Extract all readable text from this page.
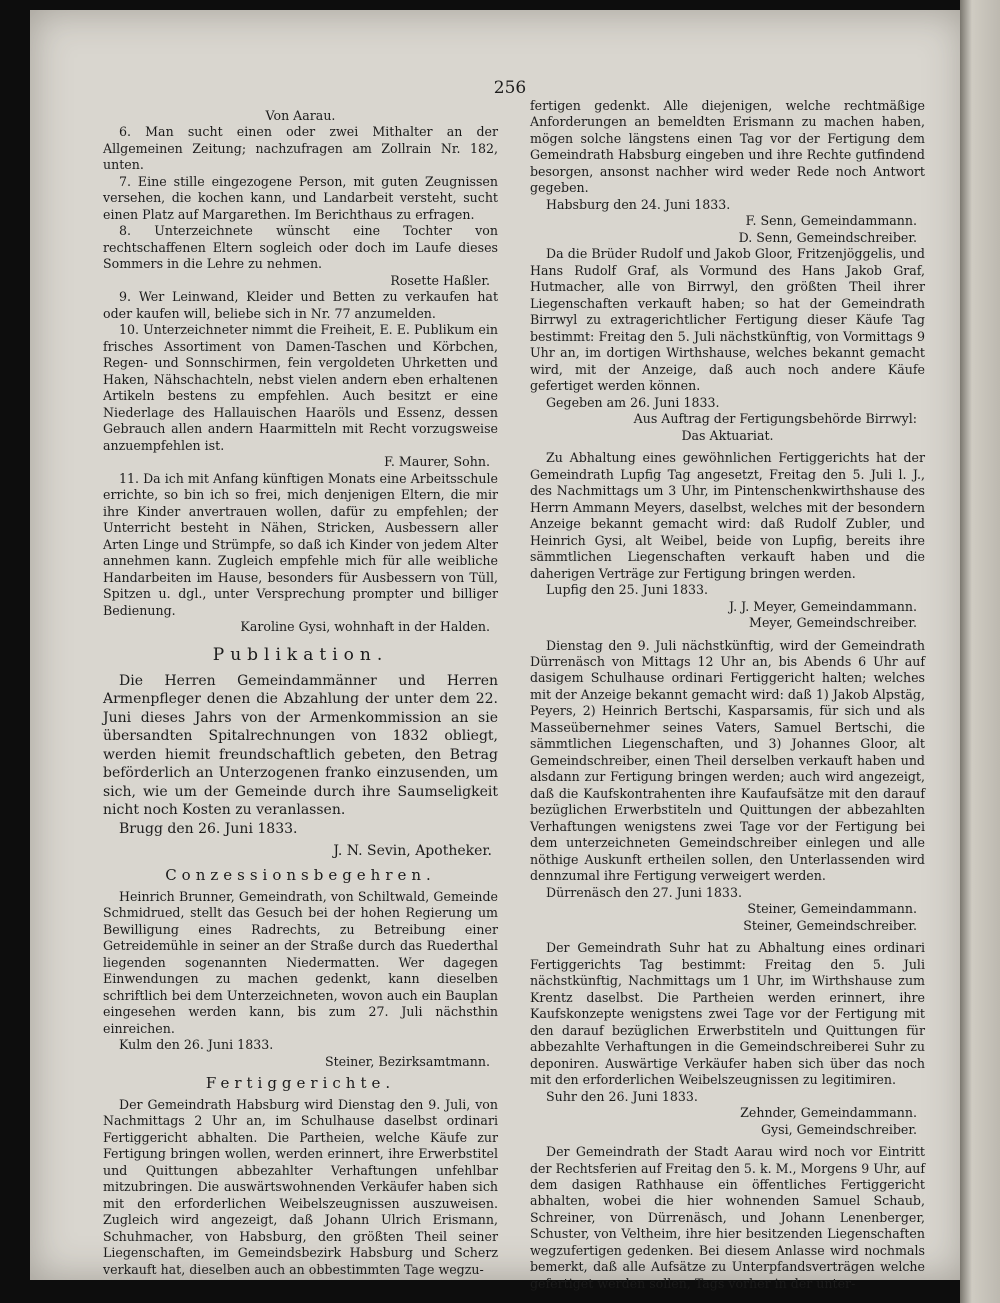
256
Von Aarau.

6. Man sucht einen oder zwei Mithalter an der Allgemeinen Zeitung; nachzufragen am Zollrain Nr. 182, unten.

7. Eine stille eingezogene Person, mit guten Zeugnissen versehen, die kochen kann, und Landarbeit versteht, sucht einen Platz auf Margarethen. Im Berichthaus zu erfragen.

8. Unterzeichnete wünscht eine Tochter von rechtschaffenen Eltern sogleich oder doch im Laufe dieses Sommers in die Lehre zu nehmen.

Rosette Haßler.

9. Wer Leinwand, Kleider und Betten zu verkaufen hat oder kaufen will, beliebe sich in Nr. 77 anzumelden.

10. Unterzeichneter nimmt die Freiheit, E. E. Publikum ein frisches Assortiment von Damen-Taschen und Körbchen, Regen- und Sonnschirmen, fein vergoldeten Uhrketten und Haken, Nähschachteln, nebst vielen andern eben erhaltenen Artikeln bestens zu empfehlen. Auch besitzt er eine Niederlage des Hallauischen Haaröls und Essenz, dessen Gebrauch allen andern Haarmitteln mit Recht vorzugsweise anzuempfehlen ist.

F. Maurer, Sohn.

11. Da ich mit Anfang künftigen Monats eine Arbeitsschule errichte, so bin ich so frei, mich denjenigen Eltern, die mir ihre Kinder anvertrauen wollen, dafür zu empfehlen; der Unterricht besteht in Nähen, Stricken, Ausbessern aller Arten Linge und Strümpfe, so daß ich Kinder von jedem Alter annehmen kann. Zugleich empfehle mich für alle weibliche Handarbeiten im Hause, besonders für Ausbessern von Tüll, Spitzen u. dgl., unter Versprechung prompter und billiger Bedienung.

Karoline Gysi, wohnhaft in der Halden.
Publikation.

Die Herren Gemeindammänner und Herren Armenpfleger denen die Abzahlung der unter dem 22. Juni dieses Jahrs von der Armenkommission an sie übersandten Spitalrechnungen von 1832 obliegt, werden hiemit freundschaftlich gebeten, den Betrag beförderlich an Unterzogenen franko einzusenden, um sich, wie um der Gemeinde durch ihre Saumseligkeit nicht noch Kosten zu veranlassen.

Brugg den 26. Juni 1833.

J. N. Sevin, Apotheker.
Conzessionsbegehren.

Heinrich Brunner, Gemeindrath, von Schiltwald, Gemeinde Schmidrued, stellt das Gesuch bei der hohen Regierung um Bewilligung eines Radrechts, zu Betreibung einer Getreidemühle in seiner an der Straße durch das Ruederthal liegenden sogenannten Niedermatten. Wer dagegen Einwendungen zu machen gedenkt, kann dieselben schriftlich bei dem Unterzeichneten, wovon auch ein Bauplan eingesehen werden kann, bis zum 27. Juli nächsthin einreichen.

Kulm den 26. Juni 1833.

Steiner, Bezirksamtmann.
Fertiggerichte.

Der Gemeindrath Habsburg wird Dienstag den 9. Juli, von Nachmittags 2 Uhr an, im Schulhause daselbst ordinari Fertiggericht abhalten. Die Partheien, welche Käufe zur Fertigung bringen wollen, werden erinnert, ihre Erwerbstitel und Quittungen abbezahlter Verhaftungen unfehlbar mitzubringen. Die auswärtswohnenden Verkäufer haben sich mit den erforderlichen Weibelszeugnissen auszuweisen. Zugleich wird angezeigt, daß Johann Ulrich Erismann, Schuhmacher, von Habsburg, den größten Theil seiner Liegenschaften, im Gemeindsbezirk Habsburg und Scherz verkauft hat, dieselben auch an obbestimmten Tage wegzu-

fertigen gedenkt. Alle diejenigen, welche rechtmäßige Anforderungen an bemeldten Erismann zu machen haben, mögen solche längstens einen Tag vor der Fertigung dem Gemeindrath Habsburg eingeben und ihre Rechte gutfindend besorgen, ansonst nachher wird weder Rede noch Antwort gegeben.

Habsburg den 24. Juni 1833.

F. Senn, Gemeindammann.
D. Senn, Gemeindschreiber.

Da die Brüder Rudolf und Jakob Gloor, Fritzenjöggelis, und Hans Rudolf Graf, als Vormund des Hans Jakob Graf, Hutmacher, alle von Birrwyl, den größten Theil ihrer Liegenschaften verkauft haben; so hat der Gemeindrath Birrwyl zu extragerichtlicher Fertigung dieser Käufe Tag bestimmt: Freitag den 5. Juli nächstkünftig, von Vormittags 9 Uhr an, im dortigen Wirthshause, welches bekannt gemacht wird, mit der Anzeige, daß auch noch andere Käufe gefertiget werden können.

Gegeben am 26. Juni 1833.

Aus Auftrag der Fertigungsbehörde Birrwyl:
Das Aktuariat.

Zu Abhaltung eines gewöhnlichen Fertiggerichts hat der Gemeindrath Lupfig Tag angesetzt, Freitag den 5. Juli l. J., des Nachmittags um 3 Uhr, im Pintenschenkwirthshause des Herrn Ammann Meyers, daselbst, welches mit der besondern Anzeige bekannt gemacht wird: daß Rudolf Zubler, und Heinrich Gysi, alt Weibel, beide von Lupfig, bereits ihre sämmtlichen Liegenschaften verkauft haben und die daherigen Verträge zur Fertigung bringen werden.

Lupfig den 25. Juni 1833.

J. J. Meyer, Gemeindammann.
Meyer, Gemeindschreiber.

Dienstag den 9. Juli nächstkünftig, wird der Gemeindrath Dürrenäsch von Mittags 12 Uhr an, bis Abends 6 Uhr auf dasigem Schulhause ordinari Fertiggericht halten; welches mit der Anzeige bekannt gemacht wird: daß 1) Jakob Alpstäg, Peyers, 2) Heinrich Bertschi, Kasparsamis, für sich und als Masseübernehmer seines Vaters, Samuel Bertschi, die sämmtlichen Liegenschaften, und 3) Johannes Gloor, alt Gemeindschreiber, einen Theil derselben verkauft haben und alsdann zur Fertigung bringen werden; auch wird angezeigt, daß die Kaufskontrahenten ihre Kaufaufsätze mit den darauf bezüglichen Erwerbstiteln und Quittungen der abbezahlten Verhaftungen wenigstens zwei Tage vor der Fertigung bei dem unterzeichneten Gemeindschreiber einlegen und alle nöthige Auskunft ertheilen sollen, den Unterlassenden wird dennzumal ihre Fertigung verweigert werden.

Dürrenäsch den 27. Juni 1833.

Steiner, Gemeindammann.
Steiner, Gemeindschreiber.

Der Gemeindrath Suhr hat zu Abhaltung eines ordinari Fertiggerichts Tag bestimmt: Freitag den 5. Juli nächstkünftig, Nachmittags um 1 Uhr, im Wirthshause zum Krentz daselbst. Die Partheien werden erinnert, ihre Kaufskonzepte wenigstens zwei Tage vor der Fertigung mit den darauf bezüglichen Erwerbstiteln und Quittungen für abbezahlte Verhaftungen in die Gemeindschreiberei Suhr zu deponiren. Auswärtige Verkäufer haben sich über das noch mit den erforderlichen Weibelszeugnissen zu legitimiren.

Suhr den 26. Juni 1833.

Zehnder, Gemeindammann.
Gysi, Gemeindschreiber.

Der Gemeindrath der Stadt Aarau wird noch vor Eintritt der Rechtsferien auf Freitag den 5. k. M., Morgens 9 Uhr, auf dem dasigen Rathhause ein öffentliches Fertiggericht abhalten, wobei die hier wohnenden Samuel Schaub, Schreiner, von Dürrenäsch, und Johann Lenenberger, Schuster, von Veltheim, ihre hier besitzenden Liegenschaften wegzufertigen gedenken. Bei diesem Anlasse wird nochmals bemerkt, daß alle Aufsätze zu Unterpfandsverträgen welche gefertiget werden sollen, Tags vorher in der unter-
